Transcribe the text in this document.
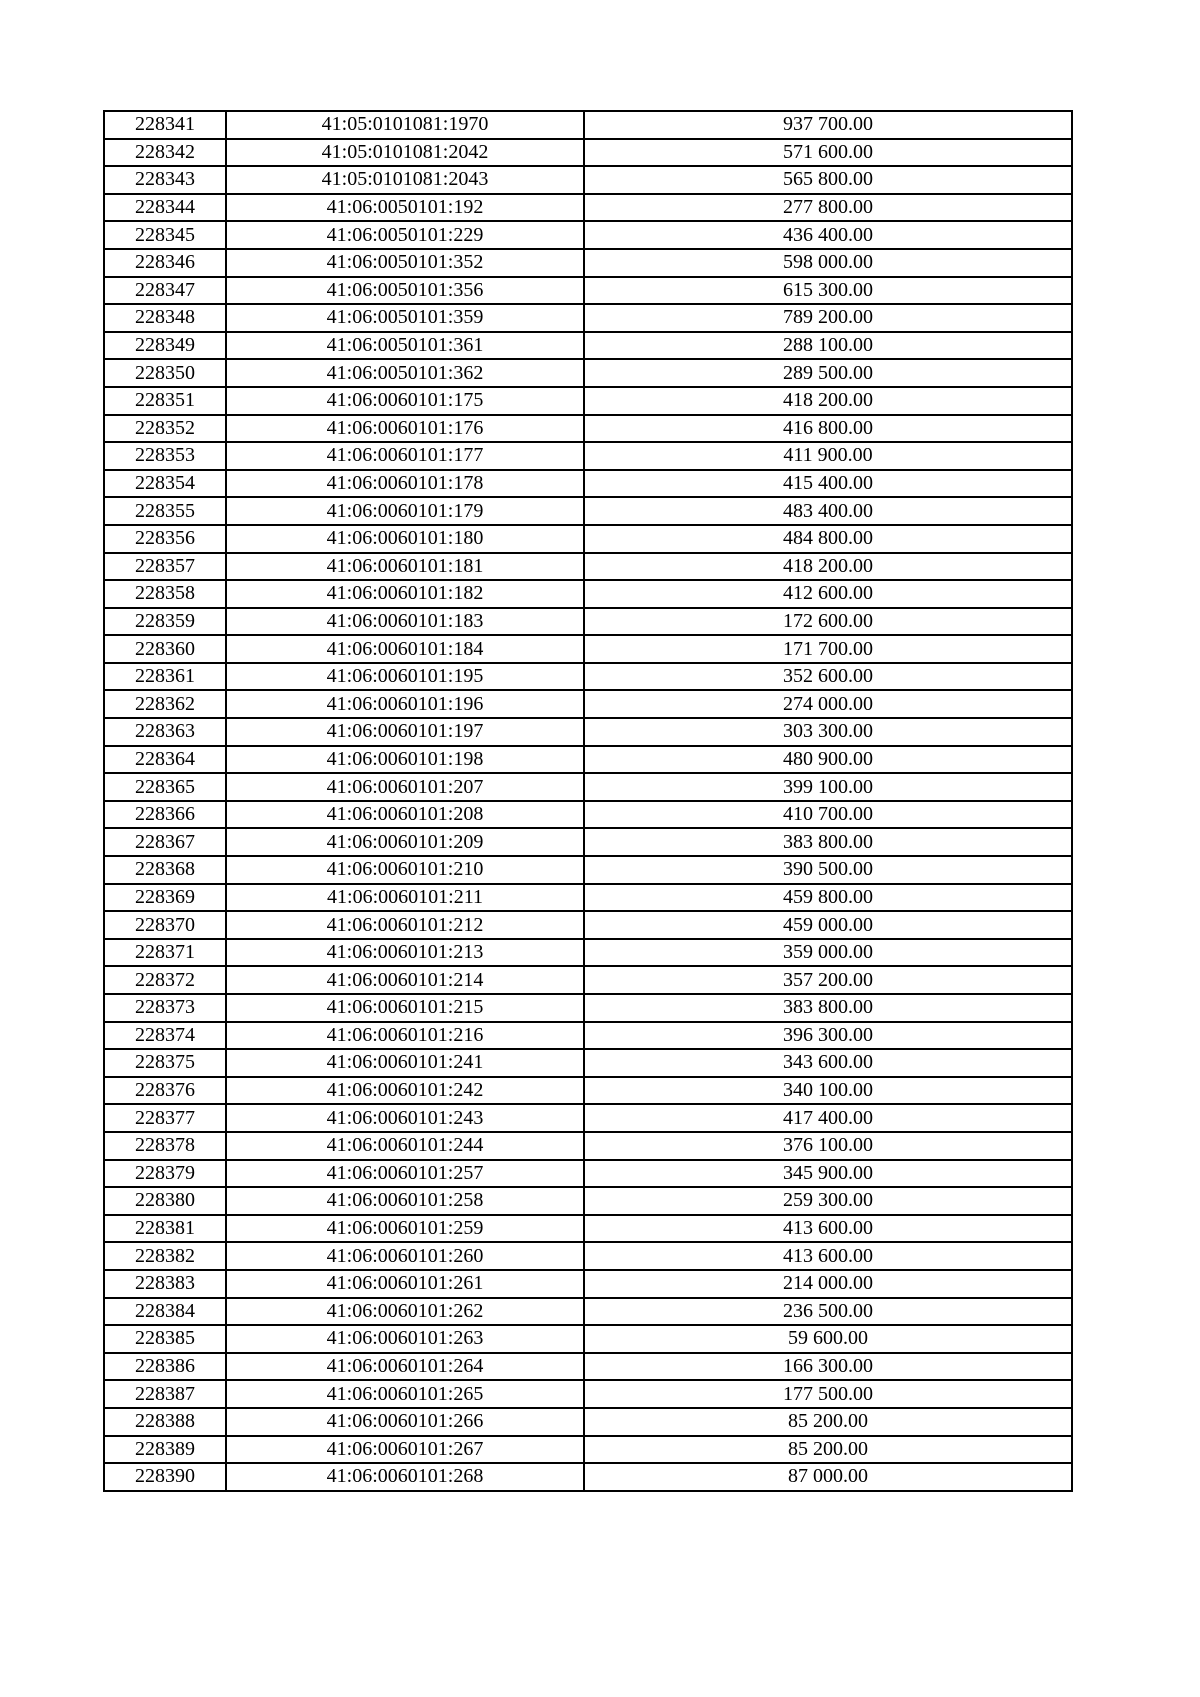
228341	41:05:0101081:1970	937 700.00
228342	41:05:0101081:2042	571 600.00
228343	41:05:0101081:2043	565 800.00
228344	41:06:0050101:192	277 800.00
228345	41:06:0050101:229	436 400.00
228346	41:06:0050101:352	598 000.00
228347	41:06:0050101:356	615 300.00
228348	41:06:0050101:359	789 200.00
228349	41:06:0050101:361	288 100.00
228350	41:06:0050101:362	289 500.00
228351	41:06:0060101:175	418 200.00
228352	41:06:0060101:176	416 800.00
228353	41:06:0060101:177	411 900.00
228354	41:06:0060101:178	415 400.00
228355	41:06:0060101:179	483 400.00
228356	41:06:0060101:180	484 800.00
228357	41:06:0060101:181	418 200.00
228358	41:06:0060101:182	412 600.00
228359	41:06:0060101:183	172 600.00
228360	41:06:0060101:184	171 700.00
228361	41:06:0060101:195	352 600.00
228362	41:06:0060101:196	274 000.00
228363	41:06:0060101:197	303 300.00
228364	41:06:0060101:198	480 900.00
228365	41:06:0060101:207	399 100.00
228366	41:06:0060101:208	410 700.00
228367	41:06:0060101:209	383 800.00
228368	41:06:0060101:210	390 500.00
228369	41:06:0060101:211	459 800.00
228370	41:06:0060101:212	459 000.00
228371	41:06:0060101:213	359 000.00
228372	41:06:0060101:214	357 200.00
228373	41:06:0060101:215	383 800.00
228374	41:06:0060101:216	396 300.00
228375	41:06:0060101:241	343 600.00
228376	41:06:0060101:242	340 100.00
228377	41:06:0060101:243	417 400.00
228378	41:06:0060101:244	376 100.00
228379	41:06:0060101:257	345 900.00
228380	41:06:0060101:258	259 300.00
228381	41:06:0060101:259	413 600.00
228382	41:06:0060101:260	413 600.00
228383	41:06:0060101:261	214 000.00
228384	41:06:0060101:262	236 500.00
228385	41:06:0060101:263	59 600.00
228386	41:06:0060101:264	166 300.00
228387	41:06:0060101:265	177 500.00
228388	41:06:0060101:266	85 200.00
228389	41:06:0060101:267	85 200.00
228390	41:06:0060101:268	87 000.00
